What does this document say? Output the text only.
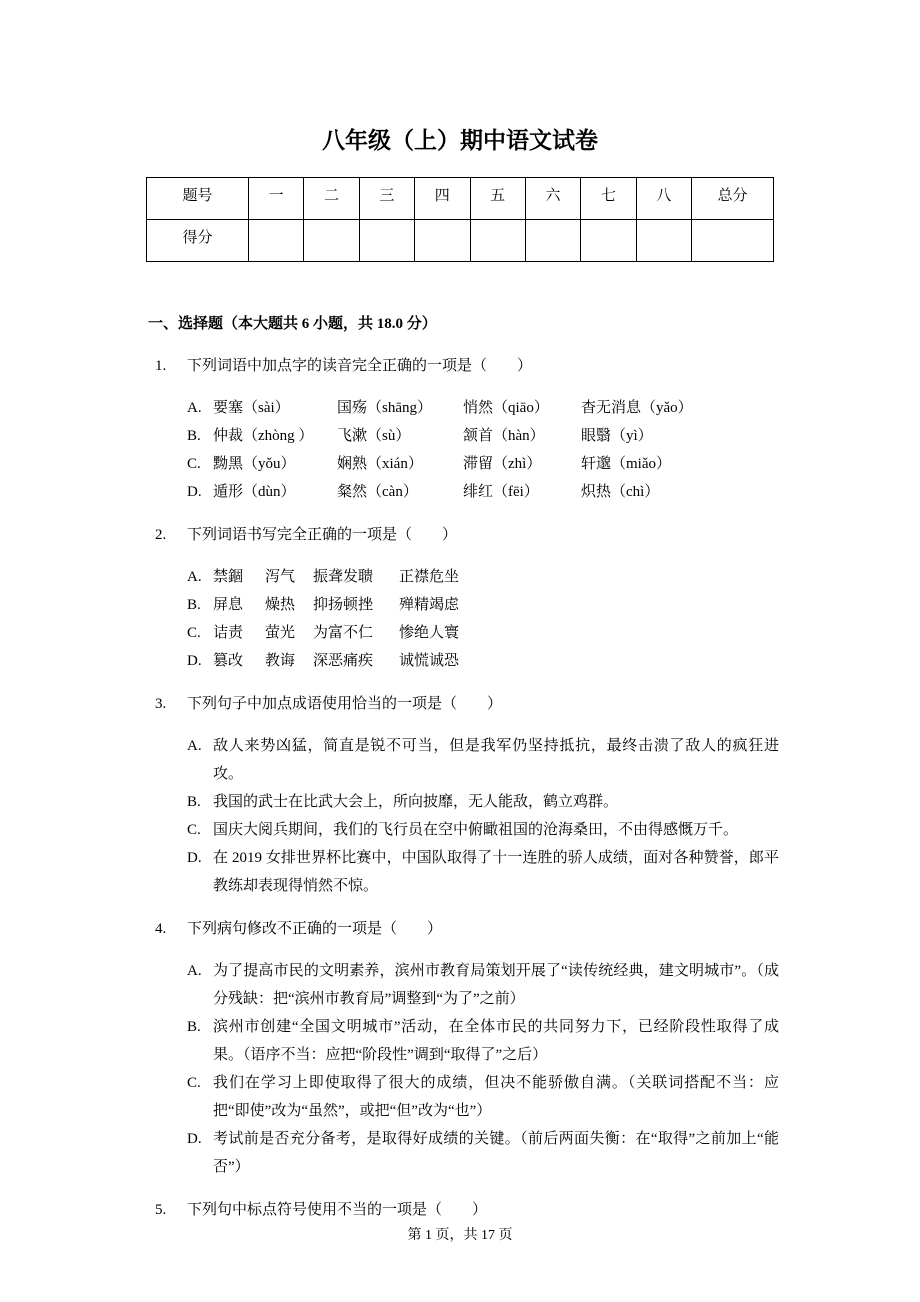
八年级（上）期中语文试卷
题号	一	二	三	四	五	六	七	八	总分
得分									
一、选择题（本大题共 6 小题，共 18.0 分）
1.	下列词语中加点字的读音完全正确的一项是（　　）
A. 要塞（sài）	国殇（shāng）	悄然（qiāo）	杳无消息（yǎo）
B. 仲裁（zhòng ）	飞漱（sù）	颔首（hàn）	眼翳（yì）
C. 黝黑（yǒu）	娴熟（xián）	滞留（zhì）	轩邈（miǎo）
D. 遁形（dùn）	粲然（càn）	绯红（fēi）	炽热（chì）
2.	下列词语书写完全正确的一项是（　　）
A. 禁錮	泻气	振聋发聩	正襟危坐
B. 屏息	燥热	抑扬顿挫	殚精竭虑
C. 诘责	萤光	为富不仁	惨绝人寰
D. 篡改	教诲	深恶痛疾	诚慌诚恐
3.	下列句子中加点成语使用恰当的一项是（　　）
A. 敌人来势凶猛，简直是锐不可当，但是我军仍坚持抵抗，最终击溃了敌人的疯狂进攻。
B. 我国的武士在比武大会上，所向披靡，无人能敌，鹤立鸡群。
C. 国庆大阅兵期间，我们的飞行员在空中俯瞰祖国的沧海桑田，不由得感慨万千。
D. 在 2019 女排世界杯比赛中，中国队取得了十一连胜的骄人成绩，面对各种赞誉，郎平教练却表现得悄然不惊。
4.	下列病句修改不正确的一项是（　　）
A. 为了提高市民的文明素养，滨州市教育局策划开展了“读传统经典，建文明城市”。（成分残缺：把“滨州市教育局”调整到“为了”之前）
B. 滨州市创建“全国文明城市”活动，在全体市民的共同努力下，已经阶段性取得了成果。（语序不当：应把“阶段性”调到“取得了”之后）
C. 我们在学习上即使取得了很大的成绩，但决不能骄傲自满。（关联词搭配不当：应把“即使”改为“虽然”，或把“但”改为“也”）
D. 考试前是否充分备考，是取得好成绩的关键。（前后两面失衡：在“取得”之前加上“能否”）
5.	下列句中标点符号使用不当的一项是（　　）
第 1 页，共 17 页
